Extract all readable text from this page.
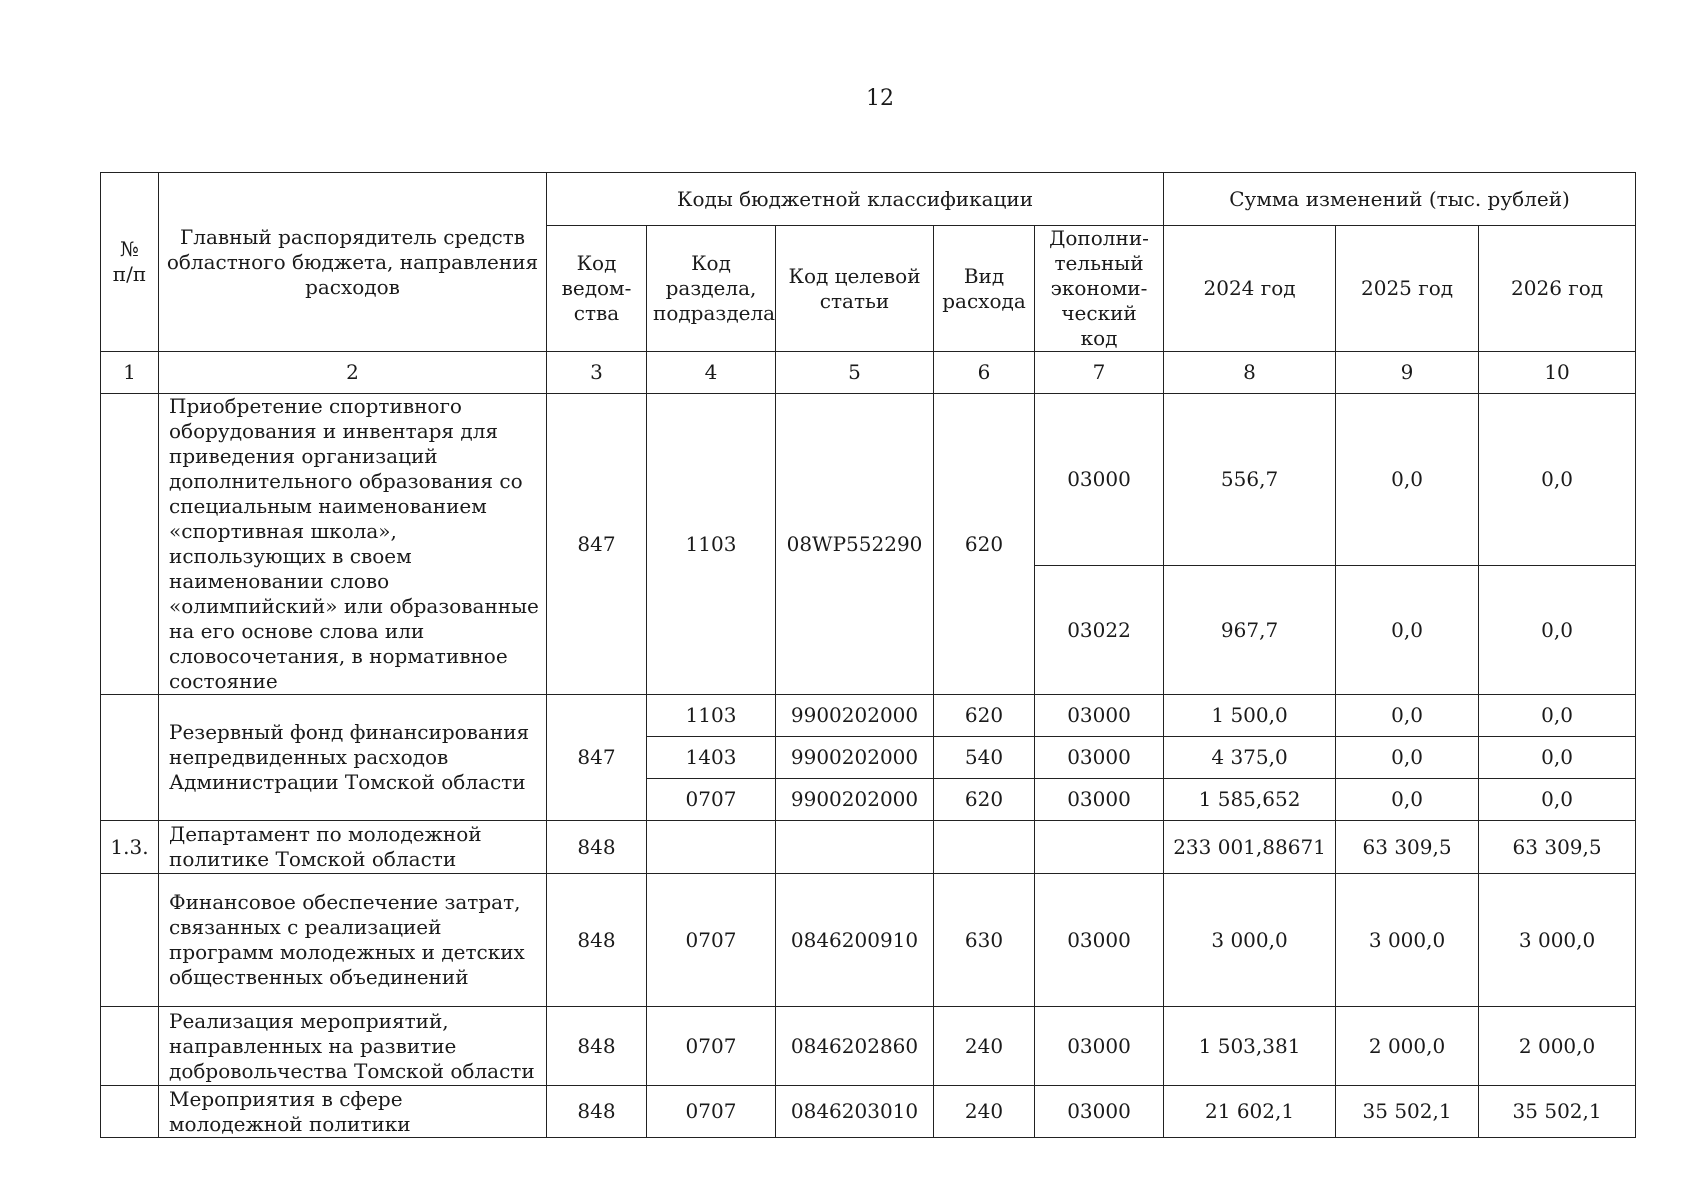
12
№ п/п	Главный распорядитель средств областного бюджета, направления расходов	Коды бюджетной классификации					Сумма изменений (тыс. рублей)		
		Код ведом-ства	Код раздела, подраздела	Код целевой статьи	Вид расхода	Дополни-тельный экономи-ческий код	2024 год	2025 год	2026 год
1	2	3	4	5	6	7	8	9	10
	Приобретение спортивного оборудования и инвентаря для приведения организаций дополнительного образования со специальным наименованием «спортивная школа», использующих в своем наименовании слово «олимпийский» или образованные на его основе слова или словосочетания, в нормативное состояние	847	1103	08WP552290	620	03000	556,7	0,0	0,0
						03022	967,7	0,0	0,0
	Резервный фонд финансирования непредвиденных расходов Администрации Томской области	847	1103	9900202000	620	03000	1 500,0	0,0	0,0
			1403	9900202000	540	03000	4 375,0	0,0	0,0
			0707	9900202000	620	03000	1 585,652	0,0	0,0
1.3.	Департамент по молодежной политике Томской области	848					233 001,88671	63 309,5	63 309,5
	Финансовое обеспечение затрат, связанных с реализацией программ молодежных и детских общественных объединений	848	0707	0846200910	630	03000	3 000,0	3 000,0	3 000,0
	Реализация мероприятий, направленных на развитие добровольчества Томской области	848	0707	0846202860	240	03000	1 503,381	2 000,0	2 000,0
	Мероприятия в сфере молодежной политики	848	0707	0846203010	240	03000	21 602,1	35 502,1	35 502,1
